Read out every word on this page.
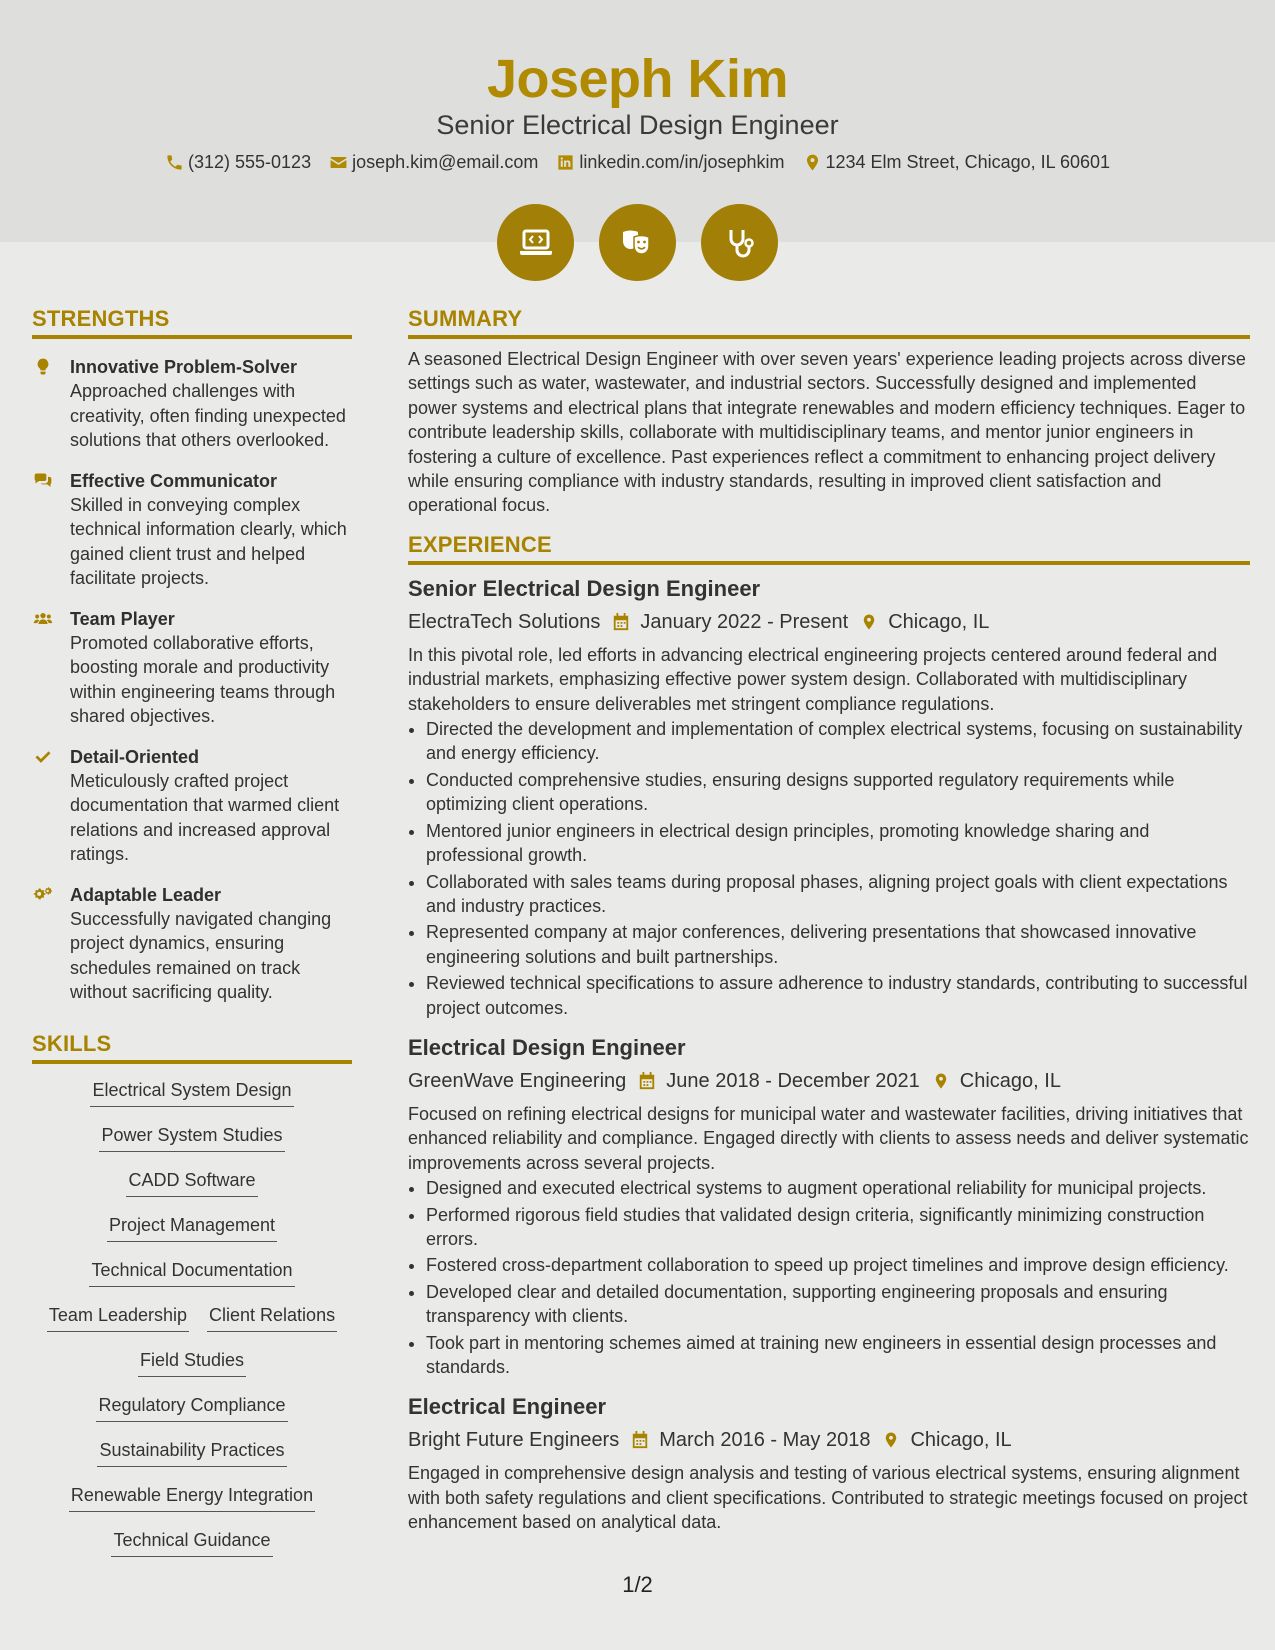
Joseph Kim
Senior Electrical Design Engineer
(312) 555-0123 joseph.kim@email.com linkedin.com/in/josephkim 1234 Elm Street, Chicago, IL 60601
STRENGTHS
Innovative Problem-Solver
Approached challenges with creativity, often finding unexpected solutions that others overlooked.
Effective Communicator
Skilled in conveying complex technical information clearly, which gained client trust and helped facilitate projects.
Team Player
Promoted collaborative efforts, boosting morale and productivity within engineering teams through shared objectives.
Detail-Oriented
Meticulously crafted project documentation that warmed client relations and increased approval ratings.
Adaptable Leader
Successfully navigated changing project dynamics, ensuring schedules remained on track without sacrificing quality.
SKILLS
Electrical System Design
Power System Studies
CADD Software
Project Management
Technical Documentation
Team Leadership Client Relations
Field Studies
Regulatory Compliance
Sustainability Practices
Renewable Energy Integration
Technical Guidance
SUMMARY
A seasoned Electrical Design Engineer with over seven years' experience leading projects across diverse settings such as water, wastewater, and industrial sectors. Successfully designed and implemented power systems and electrical plans that integrate renewables and modern efficiency techniques. Eager to contribute leadership skills, collaborate with multidisciplinary teams, and mentor junior engineers in fostering a culture of excellence. Past experiences reflect a commitment to enhancing project delivery while ensuring compliance with industry standards, resulting in improved client satisfaction and operational focus.
EXPERIENCE
Senior Electrical Design Engineer
ElectraTech Solutions January 2022 - Present Chicago, IL
In this pivotal role, led efforts in advancing electrical engineering projects centered around federal and industrial markets, emphasizing effective power system design. Collaborated with multidisciplinary stakeholders to ensure deliverables met stringent compliance regulations.
• Directed the development and implementation of complex electrical systems, focusing on sustainability and energy efficiency.
• Conducted comprehensive studies, ensuring designs supported regulatory requirements while optimizing client operations.
• Mentored junior engineers in electrical design principles, promoting knowledge sharing and professional growth.
• Collaborated with sales teams during proposal phases, aligning project goals with client expectations and industry practices.
• Represented company at major conferences, delivering presentations that showcased innovative engineering solutions and built partnerships.
• Reviewed technical specifications to assure adherence to industry standards, contributing to successful project outcomes.
Electrical Design Engineer
GreenWave Engineering June 2018 - December 2021 Chicago, IL
Focused on refining electrical designs for municipal water and wastewater facilities, driving initiatives that enhanced reliability and compliance. Engaged directly with clients to assess needs and deliver systematic improvements across several projects.
• Designed and executed electrical systems to augment operational reliability for municipal projects.
• Performed rigorous field studies that validated design criteria, significantly minimizing construction errors.
• Fostered cross-department collaboration to speed up project timelines and improve design efficiency.
• Developed clear and detailed documentation, supporting engineering proposals and ensuring transparency with clients.
• Took part in mentoring schemes aimed at training new engineers in essential design processes and standards.
Electrical Engineer
Bright Future Engineers March 2016 - May 2018 Chicago, IL
Engaged in comprehensive design analysis and testing of various electrical systems, ensuring alignment with both safety regulations and client specifications. Contributed to strategic meetings focused on project enhancement based on analytical data.
1/2
